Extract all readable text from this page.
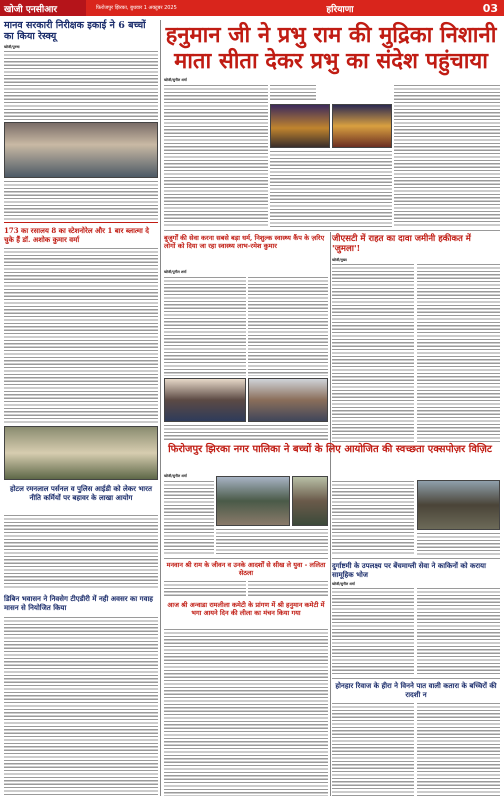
खोजी एनसीआर	फ़िरोजपुर झिरका, बुधवार 1 अक्टूबर 2025	हरियाणा	03
मानव सरकारी निरीक्षक इकाई ने 6 बच्चों का किया रेस्क्यू
खोजी/पुरुषा
173 का रसालय 8 का स्टेशनोरेल और 1 बार ब्लात्मा दे चुके हैं डॉ. अशोक कुमार वर्मा
होटल रमनलाल पर्सनल व पुलिस आईडी को लेकर भारत नीति कर्मियों पर बहावर के लाखा आयोग
डिबिन भवासन ने निवसेग टीएडीरी में नही अवसर का गवाह मासन से नियोजित किया
हनुमान जी ने प्रभु राम की मुद्रिका निशानी
माता सीता देकर प्रभु का संदेश पहुंचाया
खोजी/सुनील शर्मा
बुजुर्गों की सेवा करना सबसे बड़ा धर्म, निशुल्क स्वास्थ्य कैंप के ज़रिए लोगों को दिया जा रहा स्वास्थ्य लाभ-रमेश कुमार
खोजी/पुनील शर्मा
जीएसटी में राहत का दावा जमीनी हकीकत में 'जुमला'!
खोजी/मुख्य
फिरोजपुर झिरका नगर पालिका ने बच्चों के लिए आयोजित की स्वच्छता एक्सपोज़र विज़िट
खोजी/सुनील शर्मा
दुर्गाष्टमी के उपलक्ष्य पर बेंचमाग्ली सेवा ने काकिनों को कराया सामूहिक भोज
खोजी/सुनील शर्मा
मनवान श्री राम के जीवन व उनके आदर्शों से सीख ले युवा - ललिता सेठला
आज श्री अन्वाडा रामलीला कमेटी के प्रांगण में श्री हनुमान कमेटी में भगा आयने दिन की लीला का मंचन किया गया
होनहार रिवाज के हीरा ने विनने पात वाली कतारा के बच्चिरों की रादशी न
